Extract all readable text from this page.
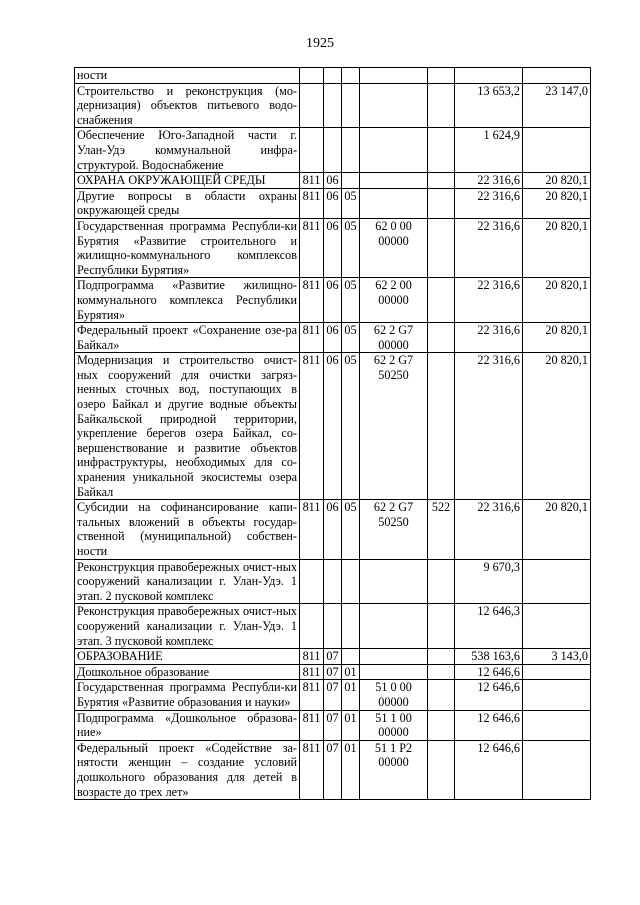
1925
ности							
Строительство и реконструкция (мо-дернизация) объектов питьевого водо-снабжения						13 653,2	23 147,0
Обеспечение Юго-Западной части г. Улан-Удэ коммунальной инфра-структурой. Водоснабжение						1 624,9	
ОХРАНА ОКРУЖАЮЩЕЙ СРЕДЫ	811	06				22 316,6	20 820,1
Другие вопросы в области охраны окружающей среды	811	06	05			22 316,6	20 820,1
Государственная программа Республи-ки Бурятия «Развитие строительного и жилищно-коммунального комплексов Республики Бурятия»	811	06	05	62 0 00 00000		22 316,6	20 820,1
Подпрограмма «Развитие жилищно-коммунального комплекса Республики Бурятия»	811	06	05	62 2 00 00000		22 316,6	20 820,1
Федеральный проект «Сохранение озе-ра Байкал»	811	06	05	62 2 G7 00000		22 316,6	20 820,1
Модернизация и строительство очист-ных сооружений для очистки загряз-ненных сточных вод, поступающих в озеро Байкал и другие водные объекты Байкальской природной территории, укрепление берегов озера Байкал, со-вершенствование и развитие объектов инфраструктуры, необходимых для со-хранения уникальной экосистемы озера Байкал	811	06	05	62 2 G7 50250		22 316,6	20 820,1
Субсидии на софинансирование капи-тальных вложений в объекты государ-ственной (муниципальной) собствен-ности	811	06	05	62 2 G7 50250	522	22 316,6	20 820,1
Реконструкция правобережных очист-ных сооружений канализации г. Улан-Удэ. 1 этап. 2 пусковой комплекс						9 670,3	
Реконструкция правобережных очист-ных сооружений канализации г. Улан-Удэ. 1 этап. 3 пусковой комплекс						12 646,3	
ОБРАЗОВАНИЕ	811	07				538 163,6	3 143,0
Дошкольное образование	811	07	01			12 646,6	
Государственная программа Республи-ки Бурятия «Развитие образования и науки»	811	07	01	51 0 00 00000		12 646,6	
Подпрограмма «Дошкольное образова-ние»	811	07	01	51 1 00 00000		12 646,6	
Федеральный проект «Содействие за-нятости женщин – создание условий дошкольного образования для детей в возрасте до трех лет»	811	07	01	51 1 P2 00000		12 646,6	
